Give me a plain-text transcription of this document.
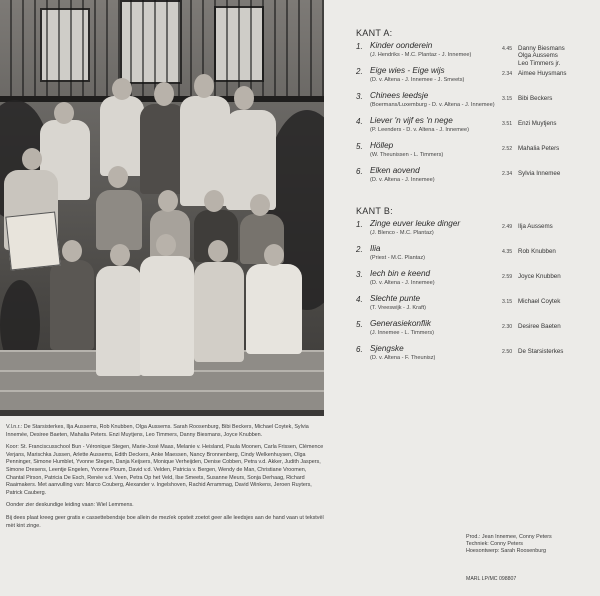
V.l.n.r.: De Starsisterkes, Ilja Aussems, Rob Knubben, Olga Aussems. Sarah Roosenburg, Bibi Beckers, Michael Coytek, Sylvia Innemée, Desiree Baeten, Mahalia Peters. Enzi Muytjens, Leo Timmers, Danny Biesmans, Joyce Knubben.

Koor: St. Franciscusschool Bun - Véronique Stegen, Marie-José Maas, Melanie v. Heisland, Paula Moonen, Carla Frissen, Clémence Verjans, Marischka Jussen, Arlette Aussems, Edith Deckers, Anke Maessen, Nancy Bronnenberg, Cindy Welkenhuysen, Olga Penninger, Simone Humblet, Yvonne Stegen, Danja Keijsers, Monique Verheijden, Denise Cobben, Petra v.d. Akker, Judith Jaspers, Simone Dresens, Leentje Engelen, Yvonne Ploum, David v.d. Velden, Patricia v. Bergen, Wendy de Man, Christiane Vroomen, Chantal Pirson, Patricia De Esch, Renée v.d. Veen, Petra Op het Veld, Ilse Smeets, Susanne Meurs, Sonja Derhaag, Richard Raaimakers. Met aanvulling van: Marco Couberg, Alexander v. Ingelshoven, Rachid Arrammag, David Winkens, Jeroen Ruyters, Patrick Cauberg.

Oonder zier deskundige leiding vaan: Wiel Lemmens.

Bij dees plaat kreeg geer gratis e cassettebendsje boe allein de mezïek opsteit zoetot geer alle leedsjes aan de hand vaan ut tekstvël mèt kint zinge.

KANT A:
1. Kinder oonderein
(J. Hendriks - M.C. Plantaz - J. Innemee)
4.45 Danny Biesmans
Olga Aussems
Leo Timmers jr.
2. Eige wies - Eige wijs
(D. v. Altena - J. Innemee - J. Smeets)
2.34 Aimee Huysmans
3. Chinees leedsje
(Boermans/Luxemburg - D. v. Altena - J. Innemee)
3.15 Bibi Beckers
4. Liever 'n vijf es 'n nege
(P. Leenders - D. v. Altena - J. Innemee)
3.51 Enzi Muytjens
5. Höllep
(W. Theunissen - L. Timmers)
2.52 Mahalia Peters
6. Elken aovend
(D. v. Altena - J. Innemee)
2.34 Sylvia Innemee
KANT B:
1. Zinge euver leuke dinger
(J. Blenco - M.C. Plantaz)
2.49 Ilja Aussems
2. Ilia
(Priest - M.C. Plantaz)
4.35 Rob Knubben
3. Iech bin e keend
(D. v. Altena - J. Innemee)
2.59 Joyce Knubben
4. Slechte punte
(T. Vreeswijk - J. Kraft)
3.15 Michael Coytek
5. Generasiekonflik
(J. Innemee - L. Timmers)
2.30 Desiree Baeten
6. Sjengske
(D. v. Altena - F. Theunisz)
2.50 De Starsisterkes
Prod.: Jean Innemee, Conny Peters
Techniek: Conny Peters
Hoesontwerp: Sarah Roosenburg
MARL LP/MC 098807
